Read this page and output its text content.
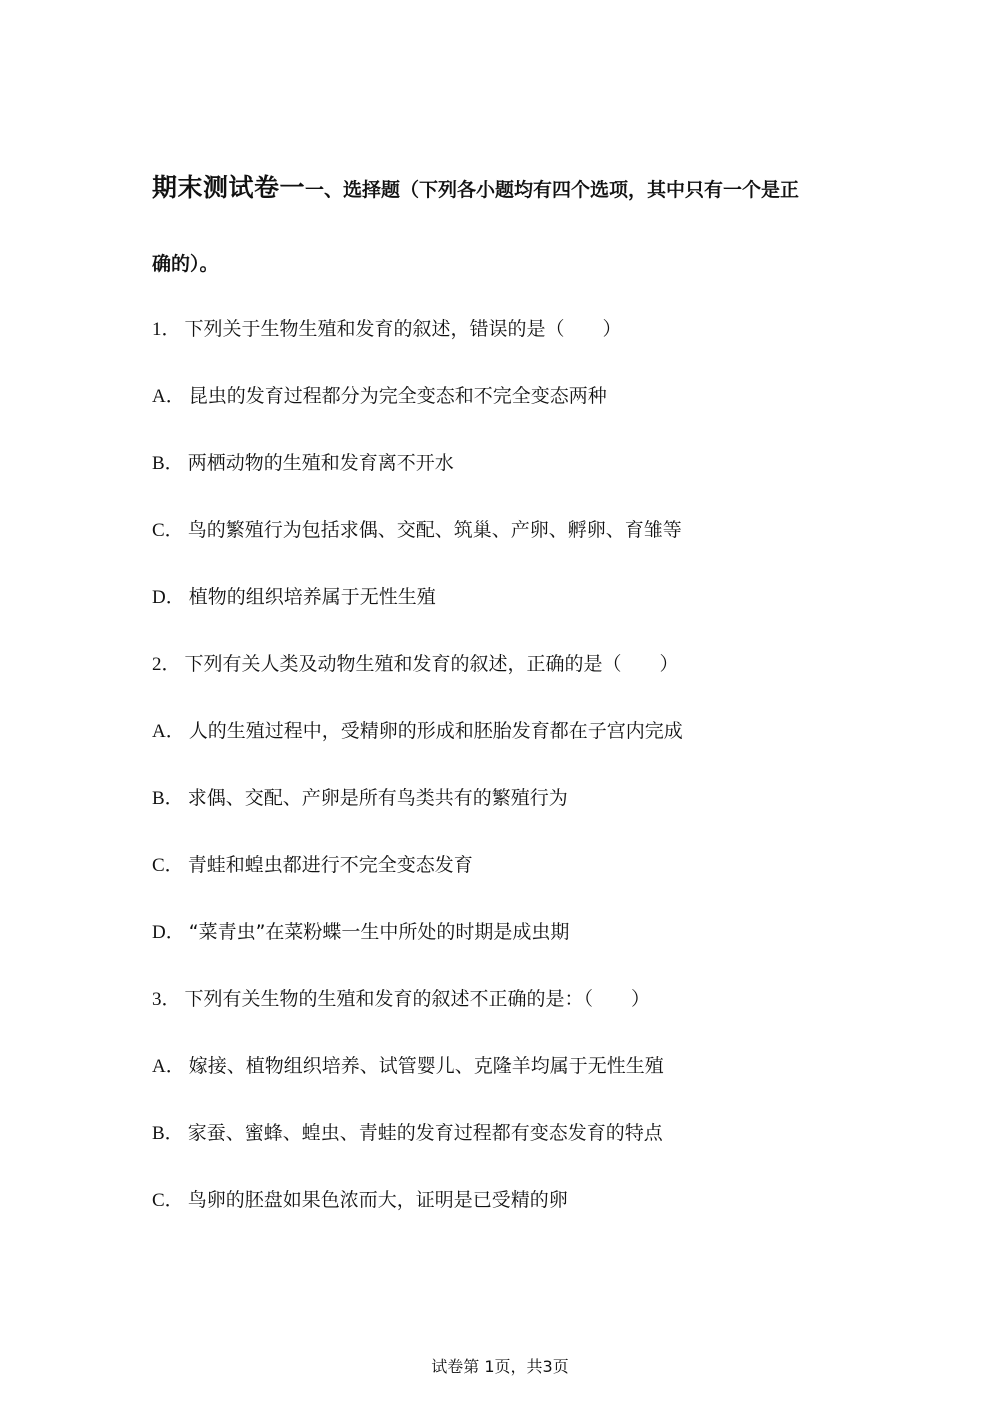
期末测试卷一一、选择题（下列各小题均有四个选项，其中只有一个是正
确的）。
1． 下列关于生物生殖和发育的叙述，错误的是（　　）
A． 昆虫的发育过程都分为完全变态和不完全变态两种
B． 两栖动物的生殖和发育离不开水
C． 鸟的繁殖行为包括求偶、交配、筑巢、产卵、孵卵、育雏等
D． 植物的组织培养属于无性生殖
2． 下列有关人类及动物生殖和发育的叙述，正确的是（　　）
A． 人的生殖过程中，受精卵的形成和胚胎发育都在子宫内完成
B． 求偶、交配、产卵是所有鸟类共有的繁殖行为
C． 青蛙和蝗虫都进行不完全变态发育
D． “菜青虫”在菜粉蝶一生中所处的时期是成虫期
3． 下列有关生物的生殖和发育的叙述不正确的是：（　　）
A． 嫁接、植物组织培养、试管婴儿、克隆羊均属于无性生殖
B． 家蚕、蜜蜂、蝗虫、青蛙的发育过程都有变态发育的特点
C． 鸟卵的胚盘如果色浓而大，证明是已受精的卵
试卷第 1页，共3页
